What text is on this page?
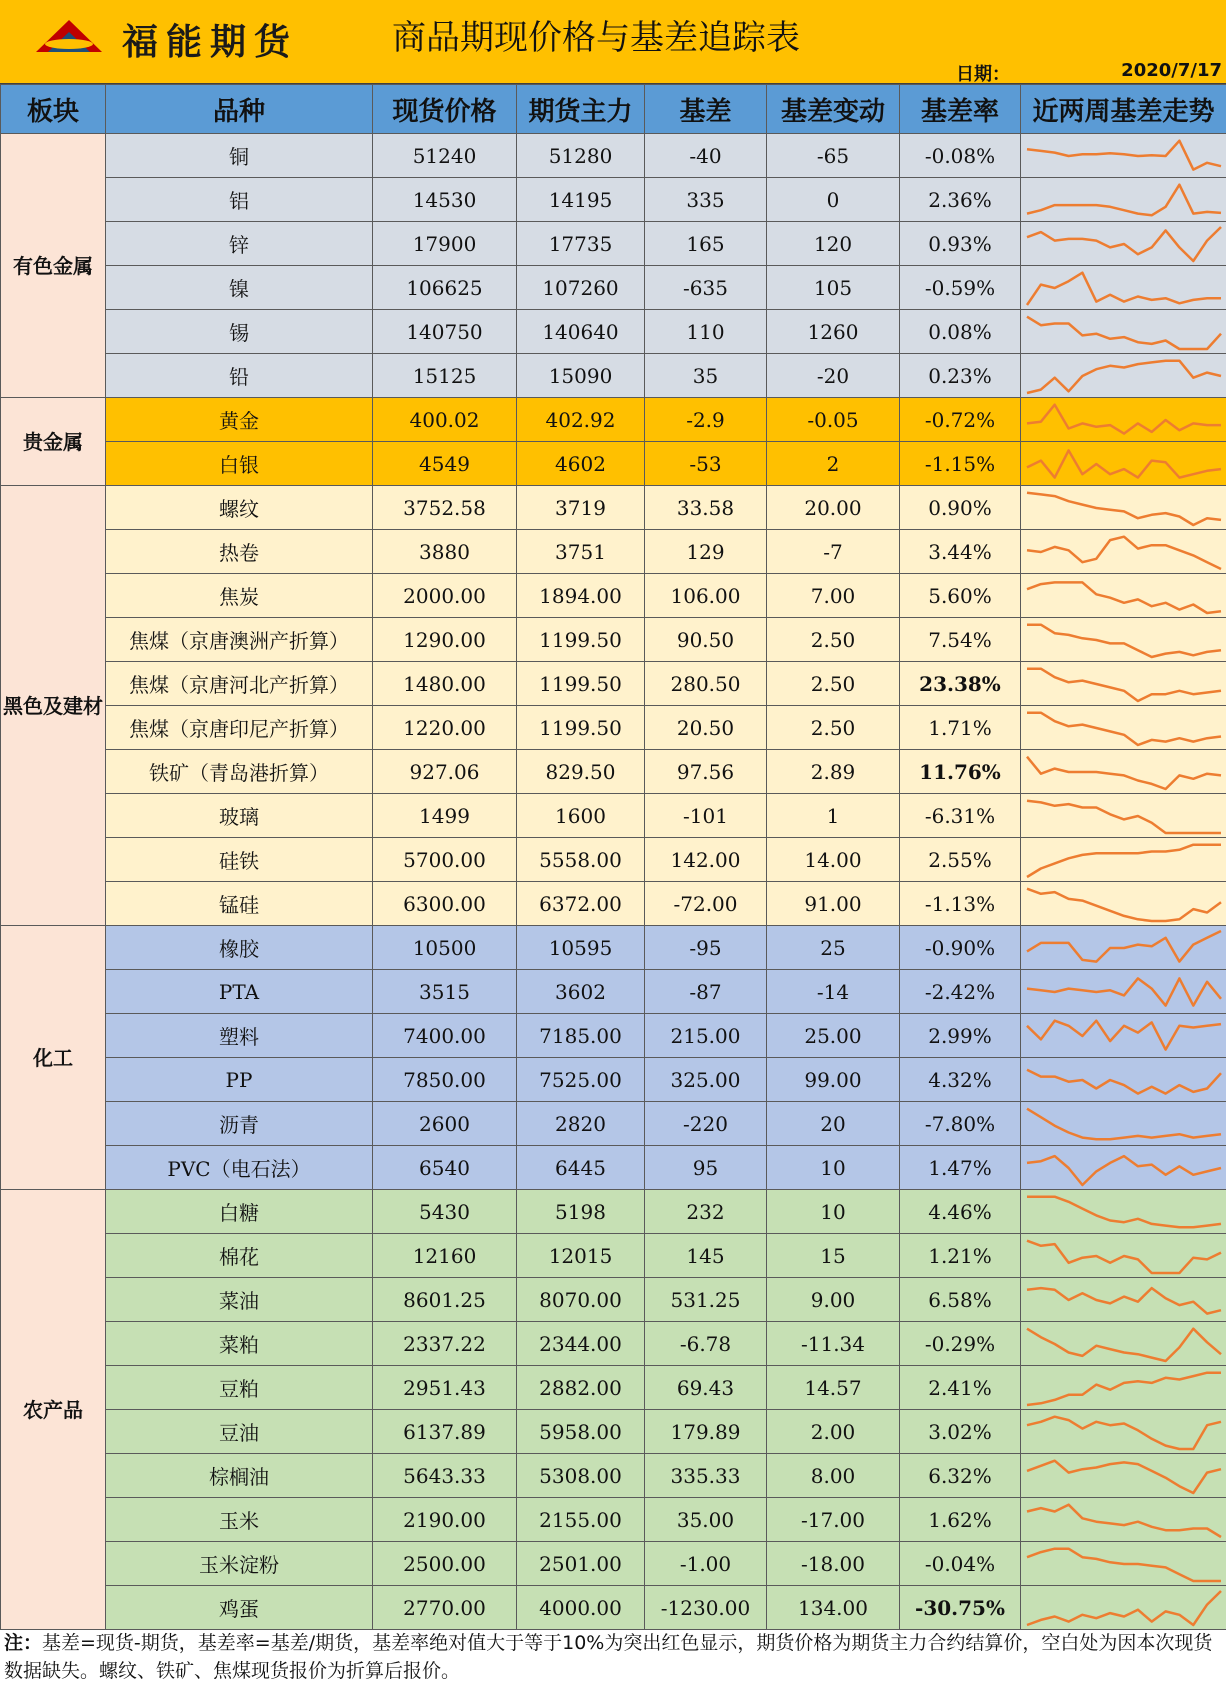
福能期货	商品期现价格与基差追踪表
日期：	2020/7/17
板块	品种	现货价格	期货主力	基差	基差变动	基差率	近两周基差走势
有色金属	铜	51240	51280	-40	-65	-0.08%	

	铝	14530	14195	335	0	2.36%	

	锌	17900	17735	165	120	0.93%	

	镍	106625	107260	-635	105	-0.59%	

	锡	140750	140640	110	1260	0.08%	

	铅	15125	15090	35	-20	0.23%	

贵金属	黄金	400.02	402.92	-2.9	-0.05	-0.72%	

	白银	4549	4602	-53	2	-1.15%	

黑色及建材	螺纹	3752.58	3719	33.58	20.00	0.90%	

	热卷	3880	3751	129	-7	3.44%	

	焦炭	2000.00	1894.00	106.00	7.00	5.60%	

	焦煤（京唐澳洲产折算）	1290.00	1199.50	90.50	2.50	7.54%	

	焦煤（京唐河北产折算）	1480.00	1199.50	280.50	2.50	23.38%	

	焦煤（京唐印尼产折算）	1220.00	1199.50	20.50	2.50	1.71%	

	铁矿（青岛港折算）	927.06	829.50	97.56	2.89	11.76%	

	玻璃	1499	1600	-101	1	-6.31%	

	硅铁	5700.00	5558.00	142.00	14.00	2.55%	

	锰硅	6300.00	6372.00	-72.00	91.00	-1.13%	

化工	橡胶	10500	10595	-95	25	-0.90%	

	PTA	3515	3602	-87	-14	-2.42%	

	塑料	7400.00	7185.00	215.00	25.00	2.99%	

	PP	7850.00	7525.00	325.00	99.00	4.32%	

	沥青	2600	2820	-220	20	-7.80%	

	PVC（电石法）	6540	6445	95	10	1.47%	

农产品	白糖	5430	5198	232	10	4.46%	

	棉花	12160	12015	145	15	1.21%	

	菜油	8601.25	8070.00	531.25	9.00	6.58%	

	菜粕	2337.22	2344.00	-6.78	-11.34	-0.29%	

	豆粕	2951.43	2882.00	69.43	14.57	2.41%	

	豆油	6137.89	5958.00	179.89	2.00	3.02%	

	棕榈油	5643.33	5308.00	335.33	8.00	6.32%	

	玉米	2190.00	2155.00	35.00	-17.00	1.62%	

	玉米淀粉	2500.00	2501.00	-1.00	-18.00	-0.04%	

	鸡蛋	2770.00	4000.00	-1230.00	134.00	-30.75%	
注：基差=现货-期货，基差率=基差/期货，基差率绝对值大于等于10%为突出红色显示，期货价格为期货主力合约结算价，空白处为因本次现货数据缺失。螺纹、铁矿、焦煤现货报价为折算后报价。
